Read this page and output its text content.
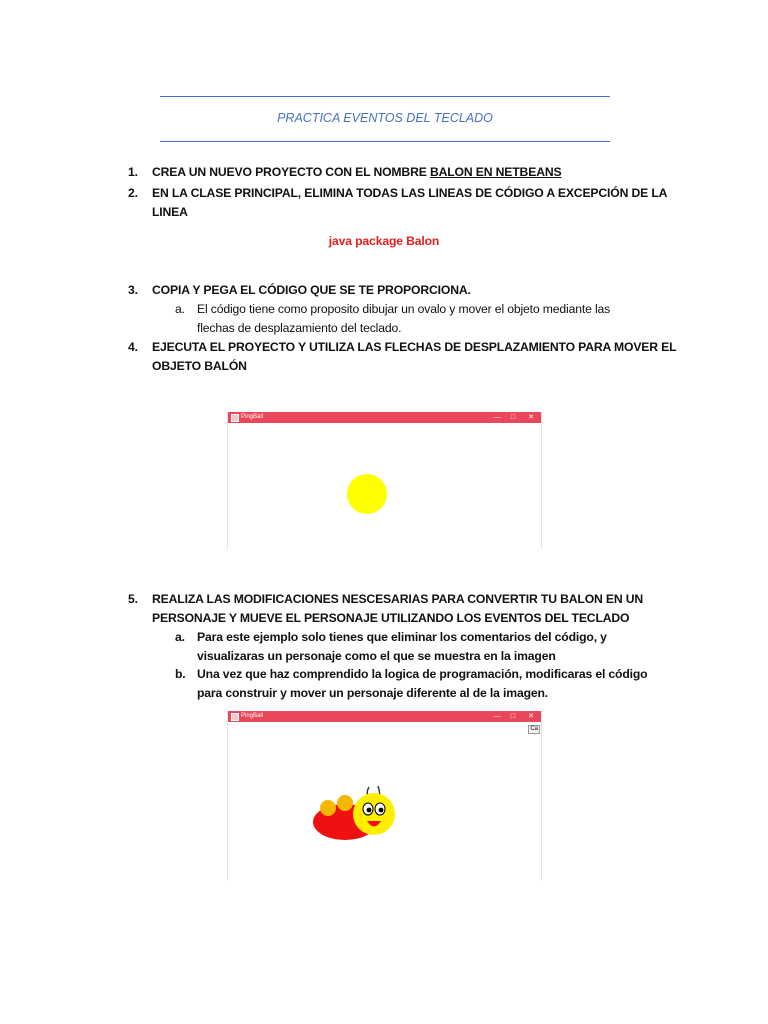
PRACTICA EVENTOS DEL TECLADO
1.	CREA UN NUEVO PROYECTO CON EL NOMBRE BALON EN NETBEANS
2.	EN LA CLASE PRINCIPAL, ELIMINA TODAS LAS LINEAS DE CÓDIGO A EXCEPCIÓN DE LA
LINEA
java package Balon
3.	COPIA Y PEGA EL CÓDIGO QUE SE TE PROPORCIONA.
a. El código tiene como proposito dibujar un ovalo y mover el objeto mediante las
flechas de desplazamiento del teclado.
4.	EJECUTA EL PROYECTO Y UTILIZA LAS FLECHAS DE DESPLAZAMIENTO PARA MOVER EL
OBJETO BALÓN
PingBall	—	□	✕
5.	REALIZA LAS MODIFICACIONES NESCESARIAS PARA CONVERTIR TU BALON EN UN
PERSONAJE Y MUEVE EL PERSONAJE UTILIZANDO LOS EVENTOS DEL TECLADO
a. Para este ejemplo solo tienes que eliminar los comentarios del código, y
visualizaras un personaje como el que se muestra en la imagen
b. Una vez que haz comprendido la logica de programación, modificaras el código
para construir y mover un personaje diferente al de la imagen.
PingBall	—	□	✕
Ca
